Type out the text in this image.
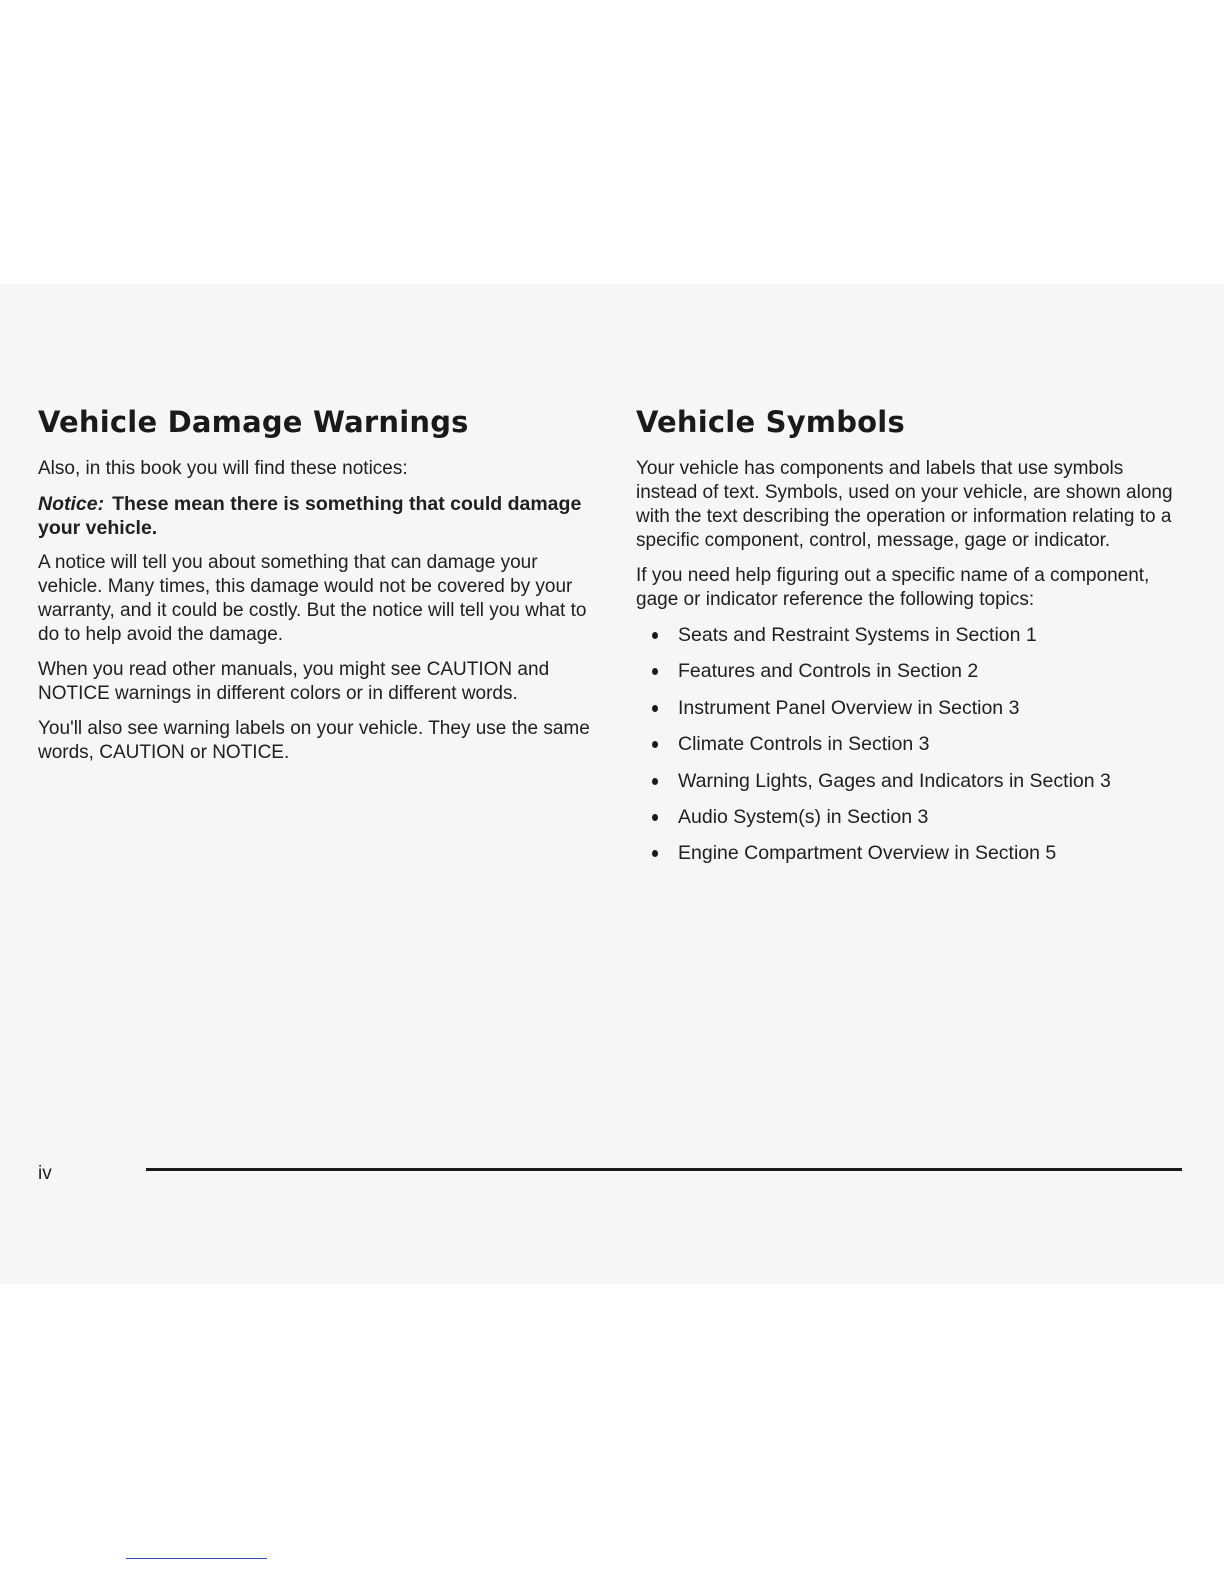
Vehicle Damage Warnings

Also, in this book you will find these notices:

Notice: These mean there is something that could damage your vehicle.

A notice will tell you about something that can damage your vehicle. Many times, this damage would not be covered by your warranty, and it could be costly. But the notice will tell you what to do to help avoid the damage.

When you read other manuals, you might see CAUTION and NOTICE warnings in different colors or in different words.

You'll also see warning labels on your vehicle. They use the same words, CAUTION or NOTICE.

Vehicle Symbols

Your vehicle has components and labels that use symbols instead of text. Symbols, used on your vehicle, are shown along with the text describing the operation or information relating to a specific component, control, message, gage or indicator.

If you need help figuring out a specific name of a component, gage or indicator reference the following topics:

Seats and Restraint Systems in Section 1
Features and Controls in Section 2
Instrument Panel Overview in Section 3
Climate Controls in Section 3
Warning Lights, Gages and Indicators in Section 3
Audio System(s) in Section 3
Engine Compartment Overview in Section 5
iv
